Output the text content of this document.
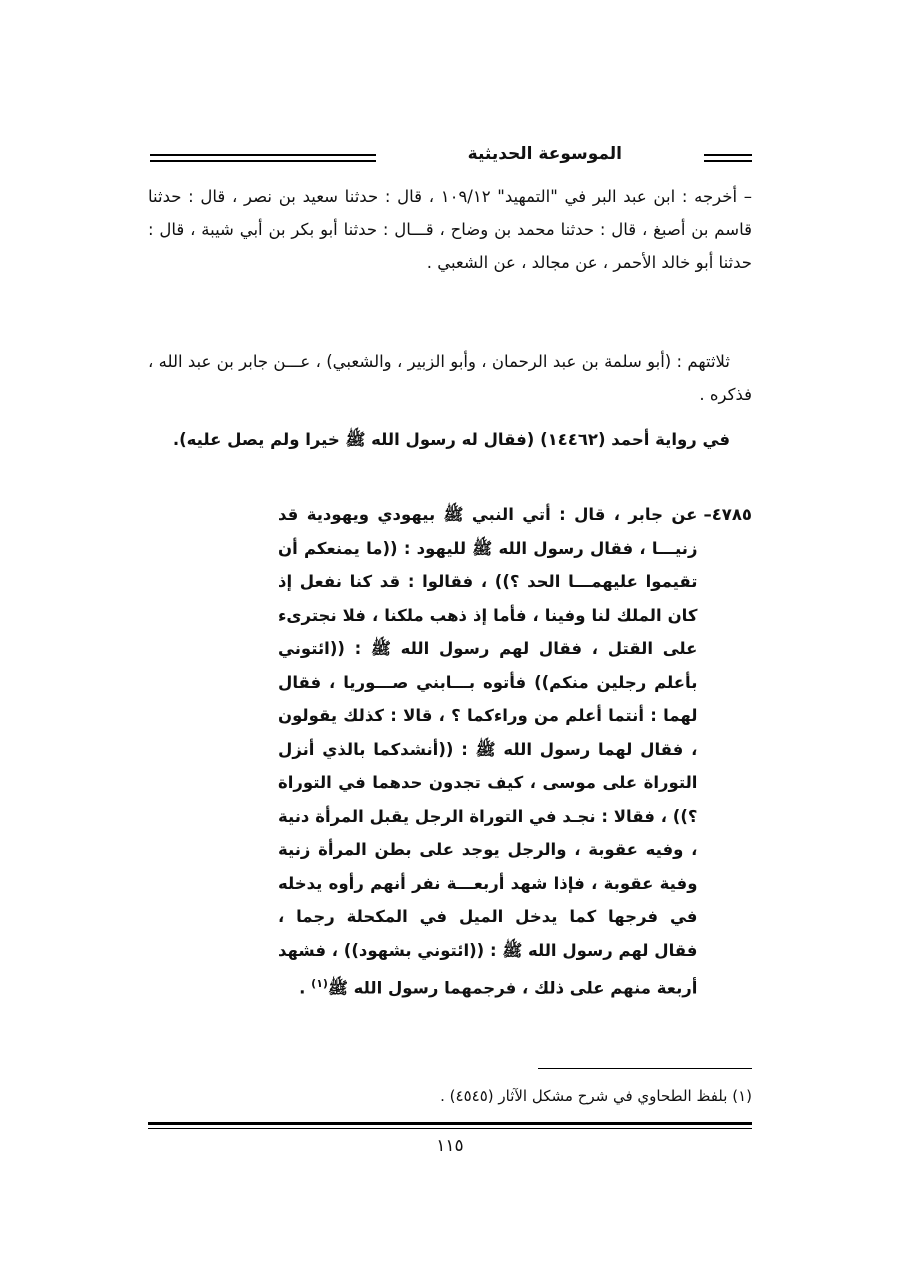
الموسوعة الحديثية
– أخرجه : ابن عبد البر في "التمهيد" ١٠٩/١٢ ، قال : حدثنا سعيد بن نصر ، قال : حدثنا قاسم بن أصبغ ، قال : حدثنا محمد بن وضاح ، قـــال : حدثنا أبو بكر بن أبي شيبة ، قال : حدثنا أبو خالد الأحمر ، عن مجالد ، عن الشعبي .
ثلاثتهم : (أبو سلمة بن عبد الرحمان ، وأبو الزبير ، والشعبي) ، عـــن جابر بن عبد الله ، فذكره .
في رواية أحمد (١٤٤٦٢) (فقال له رسول الله ﷺ خيرا ولم يصل عليه).
٤٧٨٥–
عن جابر ، قال : أتي النبي ﷺ بيهودي ويهودية قد زنيـــا ، فقال رسول الله ﷺ لليهود : ((ما يمنعكم أن تقيموا عليهمـــا الحد ؟)) ، فقالوا : قد كنا نفعل إذ كان الملك لنا وفينا ، فأما إذ ذهب ملكنا ، فلا نجترىء على القتل ، فقال لهم رسول الله ﷺ : ((ائتوني بأعلم رجلين منكم)) فأتوه بـــابني صـــوريا ، فقال لهما : أنتما أعلم من وراءكما ؟ ، قالا : كذلك يقولون ، فقال لهما رسول الله ﷺ : ((أنشدكما بالذي أنزل التوراة على موسى ، كيف تجدون حدهما في التوراة ؟)) ، فقالا : نجـد في التوراة الرجل يقبل المرأة دنية ، وفيه عقوبة ، والرجل يوجد على بطن المرأة زنية وفية عقوبة ، فإذا شهد أربعـــة نفر أنهم رأوه يدخله في فرجها كما يدخل الميل في المكحلة رجما ، فقال لهم رسول الله ﷺ : ((ائتوني بشهود)) ، فشهد أربعة منهم على ذلك ، فرجمهما رسول الله ﷺ$^{(١)}$ .
(١) بلفظ الطحاوي في شرح مشكل الآثار (٤٥٤٥) .
١١٥
